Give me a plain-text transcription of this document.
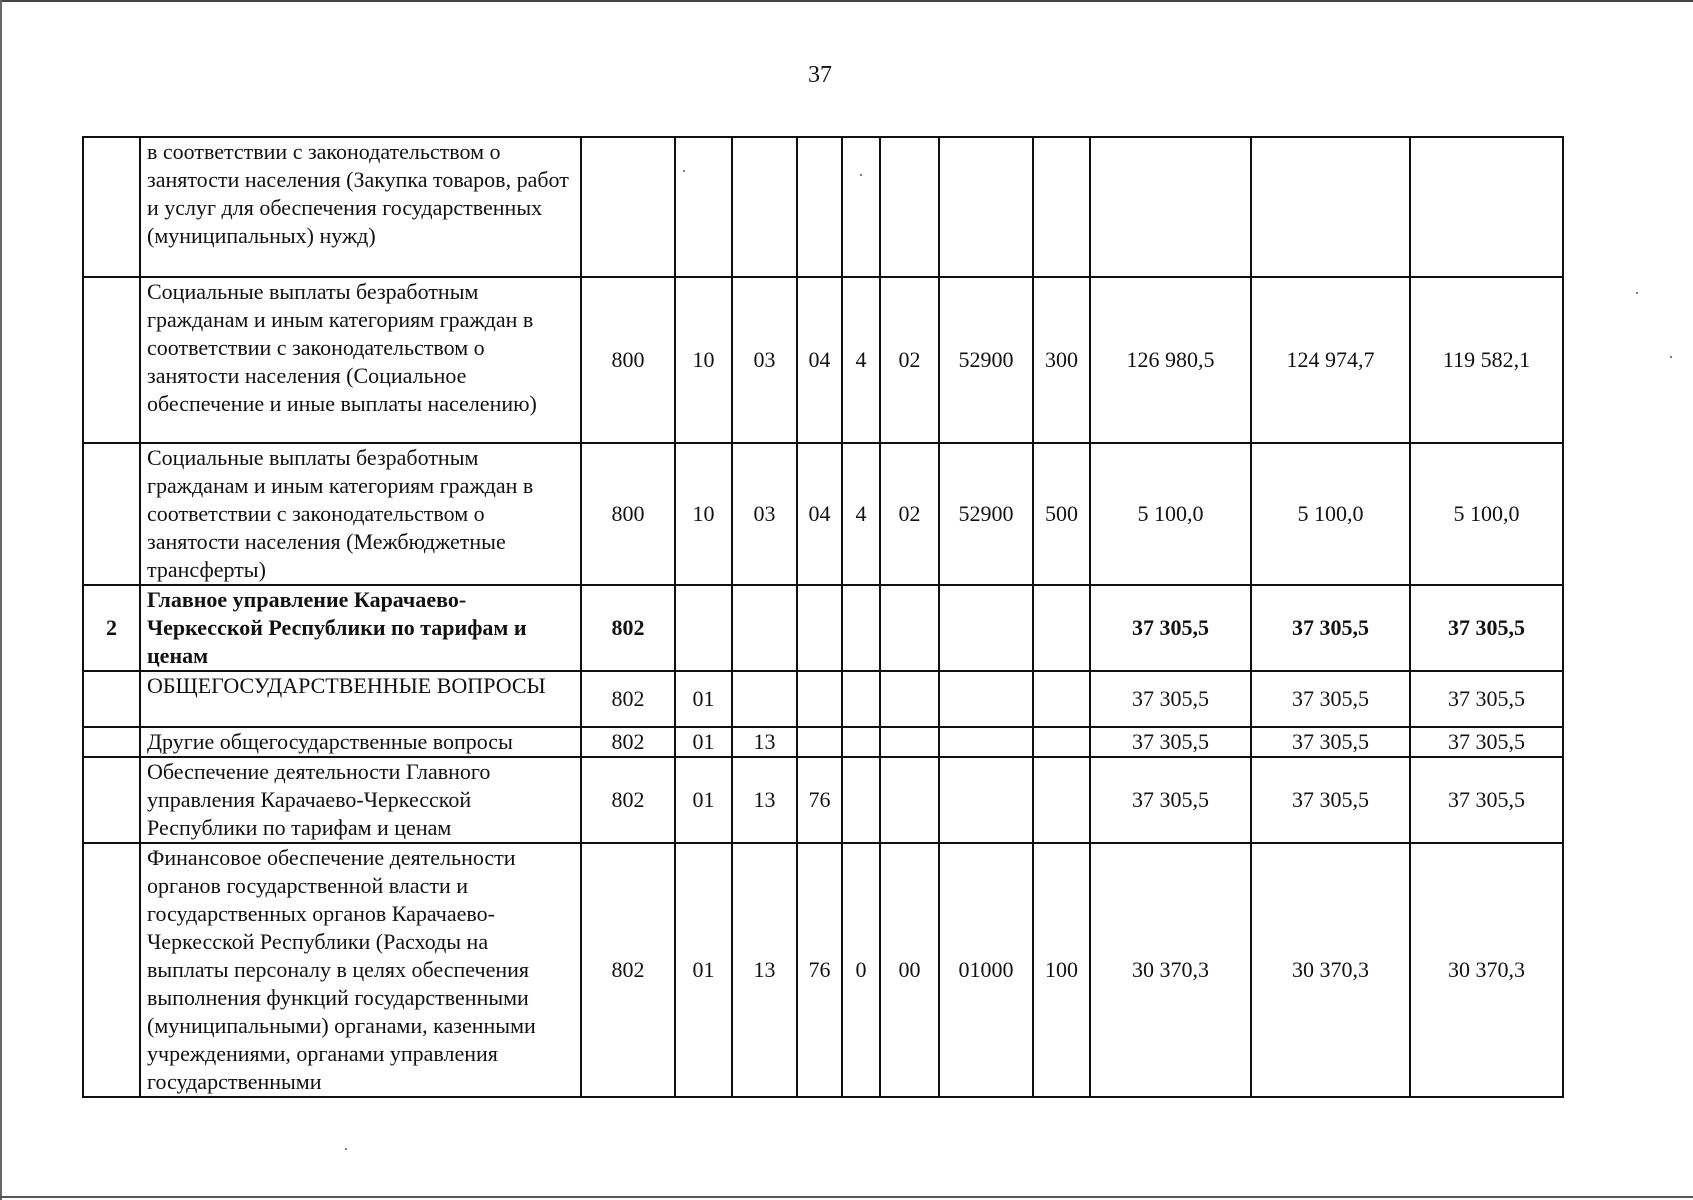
37
	в соответствии с законодательством о занятости населения (Закупка товаров, работ и услуг для обеспечения государственных (муниципальных) нужд)											
	Социальные выплаты безработным гражданам и иным категориям граждан в соответствии с законодательством о занятости населения (Социальное обеспечение и иные выплаты населению)	800	10	03	04	4	02	52900	300	126 980,5	124 974,7	119 582,1
	Социальные выплаты безработным гражданам и иным категориям граждан в соответствии с законодательством о занятости населения (Межбюджетные трансферты)	800	10	03	04	4	02	52900	500	5 100,0	5 100,0	5 100,0
2	Главное управление Карачаево-Черкесской Республики по тарифам и ценам	802								37 305,5	37 305,5	37 305,5
	ОБЩЕГОСУДАРСТВЕННЫЕ ВОПРОСЫ	802	01							37 305,5	37 305,5	37 305,5
	Другие общегосударственные вопросы	802	01	13						37 305,5	37 305,5	37 305,5
	Обеспечение деятельности Главного управления Карачаево-Черкесской Республики по тарифам и ценам	802	01	13	76					37 305,5	37 305,5	37 305,5
	Финансовое обеспечение деятельности органов государственной власти и государственных органов Карачаево-Черкесской Республики (Расходы на выплаты персоналу в целях обеспечения выполнения функций государственными (муниципальными) органами, казенными учреждениями, органами управления государственными	802	01	13	76	0	00	01000	100	30 370,3	30 370,3	30 370,3
